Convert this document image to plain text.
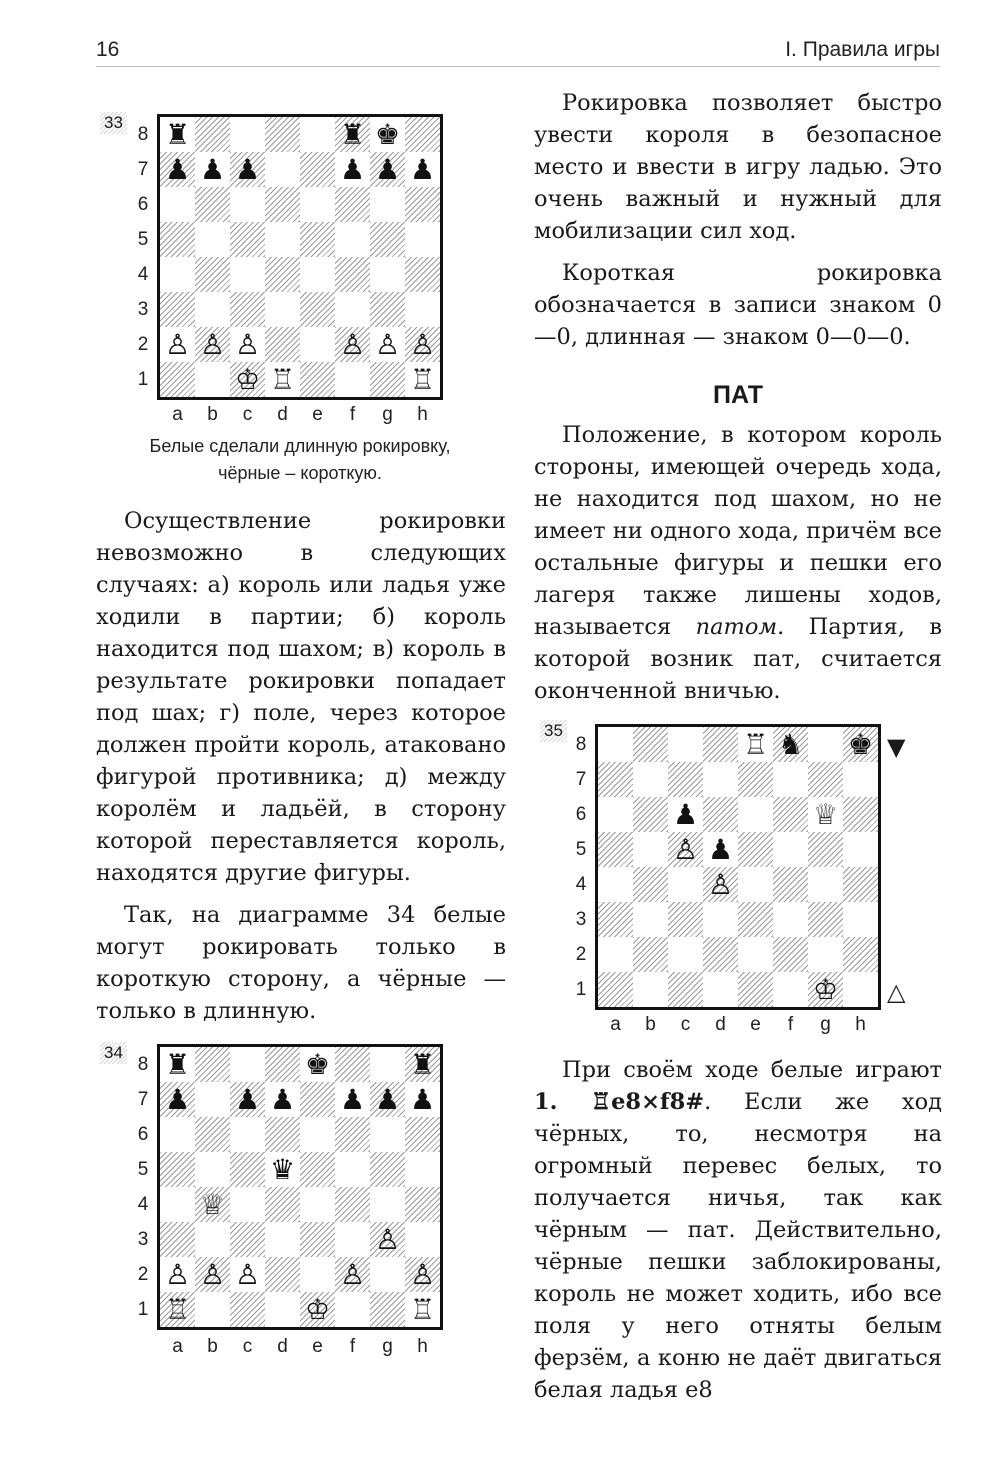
16	I. Правила игры
33
8
7
6
5
4
3
2
1
♜	♜ ♚
♟ ♟ ♟	♟ ♟ ♟
♙ ♙ ♙	♙ ♙ ♙
♔ ♖	♖
a	b	c	d	e	f	g	h
Белые сделали длинную рокировку,
чёрные – короткую.

Осуществление рокировки невозможно в следующих случаях: а) король или ладья уже ходили в партии; б) король находится под шахом; в) король в результате рокировки попадает под шах; г) поле, через которое должен пройти король, атаковано фигурой противника; д) между королём и ладьёй, в сторону которой переставляется король, находятся другие фигуры.

Так, на диаграмме 34 белые могут рокировать только в короткую сторону, а чёрные — только в длинную.

34
8
7
6
5
4
3
2
1
♜	♚	♜
♟ ♟ ♟ ♟ ♟ ♟
♛
♕
♙
♙ ♙ ♙	♙ ♙
♖	♔	♖
a	b	c	d	e	f	g	h

Рокировка позволяет быстро увести короля в безопасное место и ввести в игру ладью. Это очень важный и нужный для мобилизации сил ход.

Короткая рокировка обозначается в записи знаком 0—0, длинная — знаком 0—0—0.

ПАТ

Положение, в котором король стороны, имеющей очередь хода, не находится под шахом, но не имеет ни одного хода, причём все остальные фигуры и пешки его лагеря также лишены ходов, называется патом. Партия, в которой возник пат, считается оконченной вничью.

35
8
7
6
5
4
3
2
1
♖ ♞ ♚
♟	♕
♙ ♟
♙
♔
a	b	c	d	e	f	g	h
▼
△

При своём ходе белые играют 1. ♖e8×f8#. Если же ход чёрных, то, несмотря на огромный перевес белых, то получается ничья, так как чёрным — пат. Действительно, чёрные пешки заблокированы, король не может ходить, ибо все поля у него отняты белым ферзём, а коню не даёт двигаться белая ладья e8
